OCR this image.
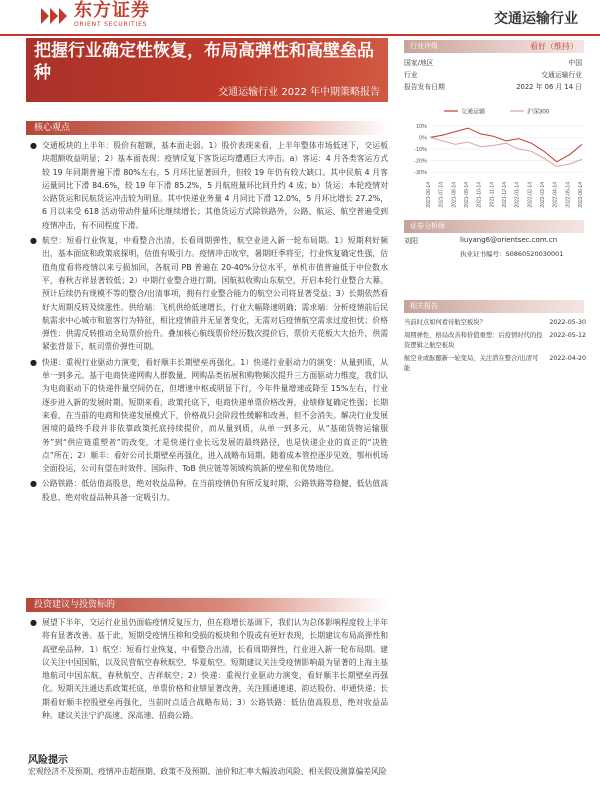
东方证券
ORIENT SECURITIES	交通运输行业
把握行业确定性恢复，布局高弹性和高壁垒品种
交通运输行业 2022 年中期策略报告
核心观点
● 交通板块的上半年：股价有超额，基本面走弱。1）股价表现来看，上半年整体市场低迷下，交运板块超额收益明显；2）基本面表现：疫情反复下客货运均遭遇巨大冲击。a）客运：4 月各类客运方式较 19 年同期普遍下滑 80%左右，5 月环比显著回升，但较 19 年仍有较大缺口。其中民航 4 月客运量同比下滑 84.6%，较 19 年下滑 85.2%，5 月航班量环比回升约 4 成；b）货运：本轮疫情对公路货运和民航货运冲击较为明显。其中快递业务量 4 月同比下滑 12.0%，5 月环比增长 27.2%，6 月以来受 618 活动带动件量环比继续增长；其他货运方式除铁路外，公路、航运、航空普遍受到疫情冲击，有不同程度下滑。
● 航空：短看行业恢复，中看整合出清，长看周期弹性，航空业进入新一轮布局期。1）短期利好频出，基本面底和政策底探明，估值有吸引力。疫情冲击收窄，暑期旺季将至，行业恢复确定性强，估值角度看将疫情以来亏损加回，各航司 PB 普遍在 20-40%分位水平，单机市值普遍低于中位数水平，春秋吉祥显著较低；2）中期行业整合进行期。国航拟收购山东航空，开启本轮行业整合大幕。预计后续仍有规模不等的整合/出清事项，拥有行业整合能力的航空公司将显著受益；3）长期依然看好大周期反转及续涨性。供给端：飞机供给低速增长，行业大幅降速明确；需求端：分析疫情前后民航需求中心城市和旅客行为特征，相比疫情前并无显著变化，无需对后疫情航空需求过度担忧；价格弹性：供需反转推动全局票价抬升。叠加核心航线票价经历数次提价后，票价天花板大大抬升，供需紧张背景下，航司票价弹性可期。
● 快递：重视行业驱动力演变，看好顺丰长期壁垒再强化。1）快递行业驱动力的演变：从量到质，从单一到多元。基于电商快递网购人群数量、网购品类拓展和购物频次提升三方面驱动力维度，我们认为电商驱动下的快递件量空间仍在，但增速中枢或明显下行，今年件量增速或降至 15%左右，行业逐步进入新的发展时期。短期来看，政策托底下，电商快递单票价格改善，业绩修复确定性强；长期来看，在当前的电商和快递发展模式下，价格战只会阶段性缓解和改善，但不会消失。解决行业发展困境的最终手段并非依靠政策托底持续提价，而从量到质，从单一到多元，从“基础货物运输服务”到“供应链重塑者”的改变，才是快递行业长远发展的最终路径，也是快递企业的真正的“决胜点”所在；2）顺丰：看好公司长期壁垒再强化，进入战略布局期。随着成本管控逐步见效，鄂州机场全面投运，公司有望在时效件、国际件、ToB 供应链等领域构筑新的壁垒和优势地位。
● 公路铁路：低估值高股息，绝对收益品种。在当前疫情仍有所反复时期，公路铁路等稳健、低估值高股息、绝对收益品种具备一定吸引力。
投资建议与投资标的
● 展望下半年，交运行业虽仍面临疫情反复压力，但在稳增长基调下，我们认为总体影响程度较上半年将有显著改善。基于此，短期受疫情压抑和受损的板块和个股或有更好表现，长期建议布局高弹性和高壁垒品种。1）航空：短看行业恢复，中看整合出清，长看周期弹性，行业进入新一轮布局期。建议关注中国国航，以及民营航空春秋航空、华夏航空。短期建议关注受疫情影响最为显著的上海主基地航司中国东航、春秋航空、吉祥航空；2）快递：重视行业驱动力演变，看好顺丰长期壁垒再强化。短期关注通达系政策托底，单票价格和业绩显著改善，关注圆通速递、韵达股份、申通快递；长期看好顺丰控股壁垒再强化，当前时点适合战略布局；3）公路铁路：低估值高股息，绝对收益品种。建议关注宁沪高速、深高速、招商公路。
风险提示
宏观经济不及预期、疫情冲击超预期、政策不及预期、油价和汇率大幅波动风险、相关假设测算偏差风险
行业评级	看好（维持）
国家/地区	中国
行业	交通运输行业
报告发布日期	2022 年 06 月 14 日
交通运输	沪深300
10%
0%
-10%
-20%
-30%
2021-06-14 2021-07-14 2021-08-14 2021-09-14 2021-10-14 2021-11-14 2021-12-14 2022-01-14 2022-02-14 2022-03-14 2022-04-14 2022-05-14 2022-06-14
证券分析师
刘阳	liuyang6@orientsec.com.cn
执业证书编号：S0860520030001
相关报告
当前时点如何看待航空板块？	2022-05-30
周期弹性、格局改善和价值重塑：后疫情时代的投资逻辑之航空板块
2022-05-12
航空业或酝酿新一轮变局，关注潜在整合/出清可能
2022-04-20
